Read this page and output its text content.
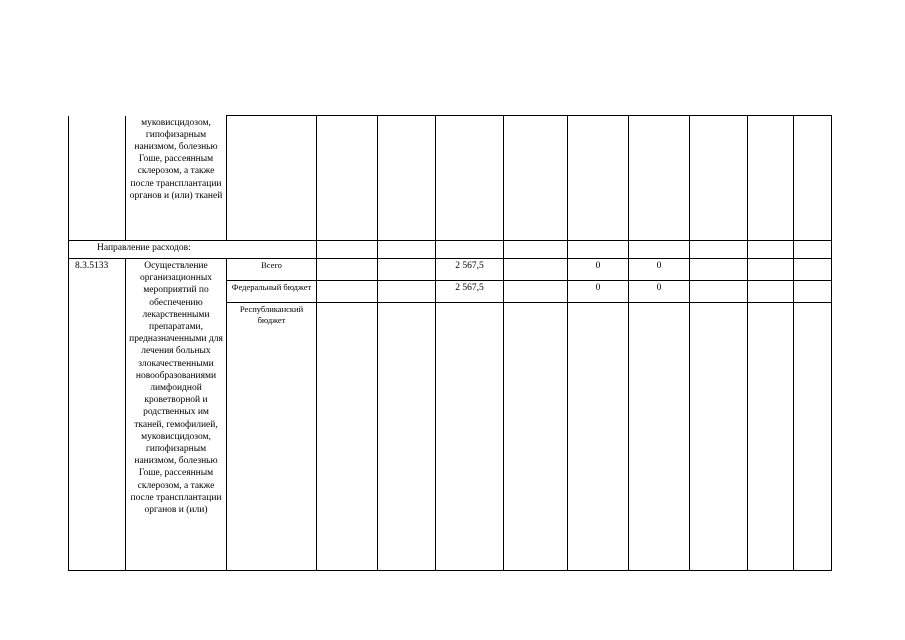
	муковисцидозом, гипофизарным нанизмом, болезнью Гоше, рассеянным склерозом, а также после трансплантации органов и (или) тканей										
Направление расходов:											
8.3.5133	Осуществление организационных мероприятий по обеспечению лекарственными препаратами, предназначенными для лечения больных злокачественными новообразованиями лимфоидной кроветворной и родственных им тканей, гемофилией, муковисцидозом, гипофизарным нанизмом, болезнью Гоше, рассеянным склерозом, а также после трансплантации органов и (или)	Всего			2 567,5		0	0			
		Федеральный бюджет			2 567,5		0	0			
		Республиканский бюджет									
